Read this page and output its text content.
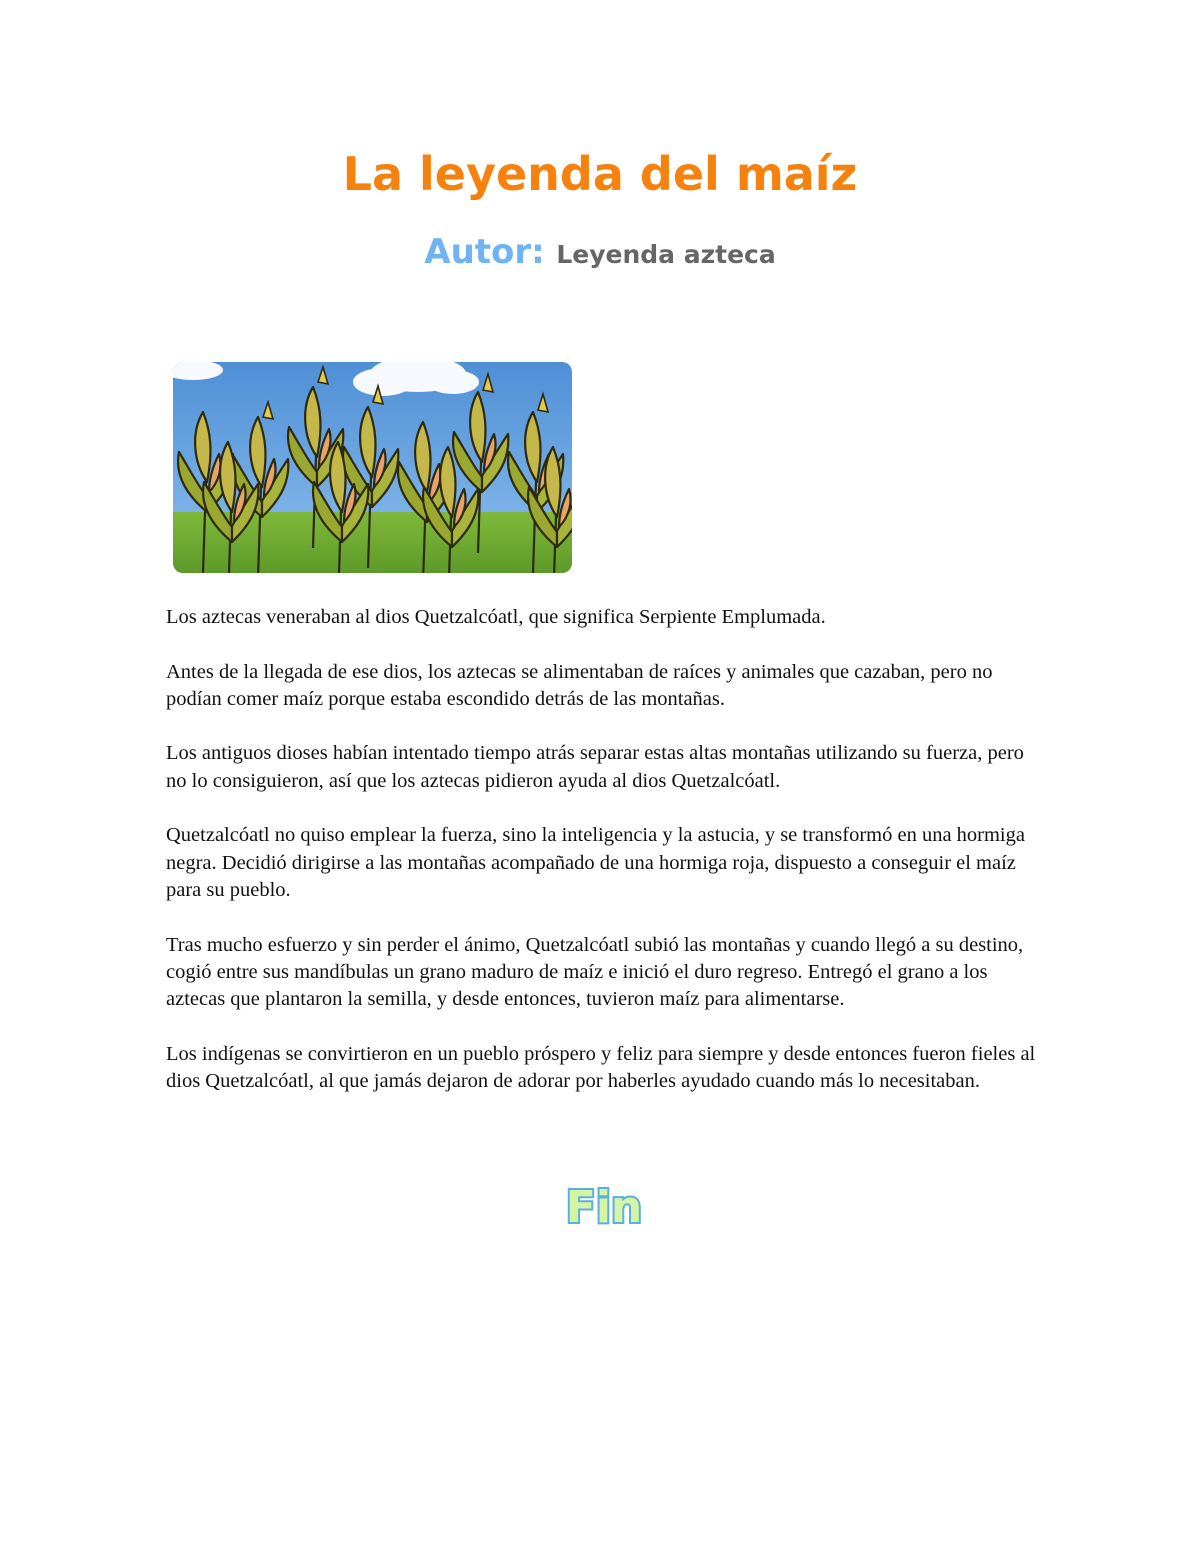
La leyenda del maíz
Autor: Leyenda azteca

Los aztecas veneraban al dios Quetzalcóatl, que significa Serpiente Emplumada.

Antes de la llegada de ese dios, los aztecas se alimentaban de raíces y animales que cazaban, pero no podían comer maíz porque estaba escondido detrás de las montañas.

Los antiguos dioses habían intentado tiempo atrás separar estas altas montañas utilizando su fuerza, pero no lo consiguieron, así que los aztecas pidieron ayuda al dios Quetzalcóatl.

Quetzalcóatl no quiso emplear la fuerza, sino la inteligencia y la astucia, y se transformó en una hormiga negra. Decidió dirigirse a las montañas acompañado de una hormiga roja, dispuesto a conseguir el maíz para su pueblo.

Tras mucho esfuerzo y sin perder el ánimo, Quetzalcóatl subió las montañas y cuando llegó a su destino, cogió entre sus mandíbulas un grano maduro de maíz e inició el duro regreso. Entregó el grano a los aztecas que plantaron la semilla, y desde entonces, tuvieron maíz para alimentarse.

Los indígenas se convirtieron en un pueblo próspero y feliz para siempre y desde entonces fueron fieles al dios Quetzalcóatl, al que jamás dejaron de adorar por haberles ayudado cuando más lo necesitaban.

Fin
